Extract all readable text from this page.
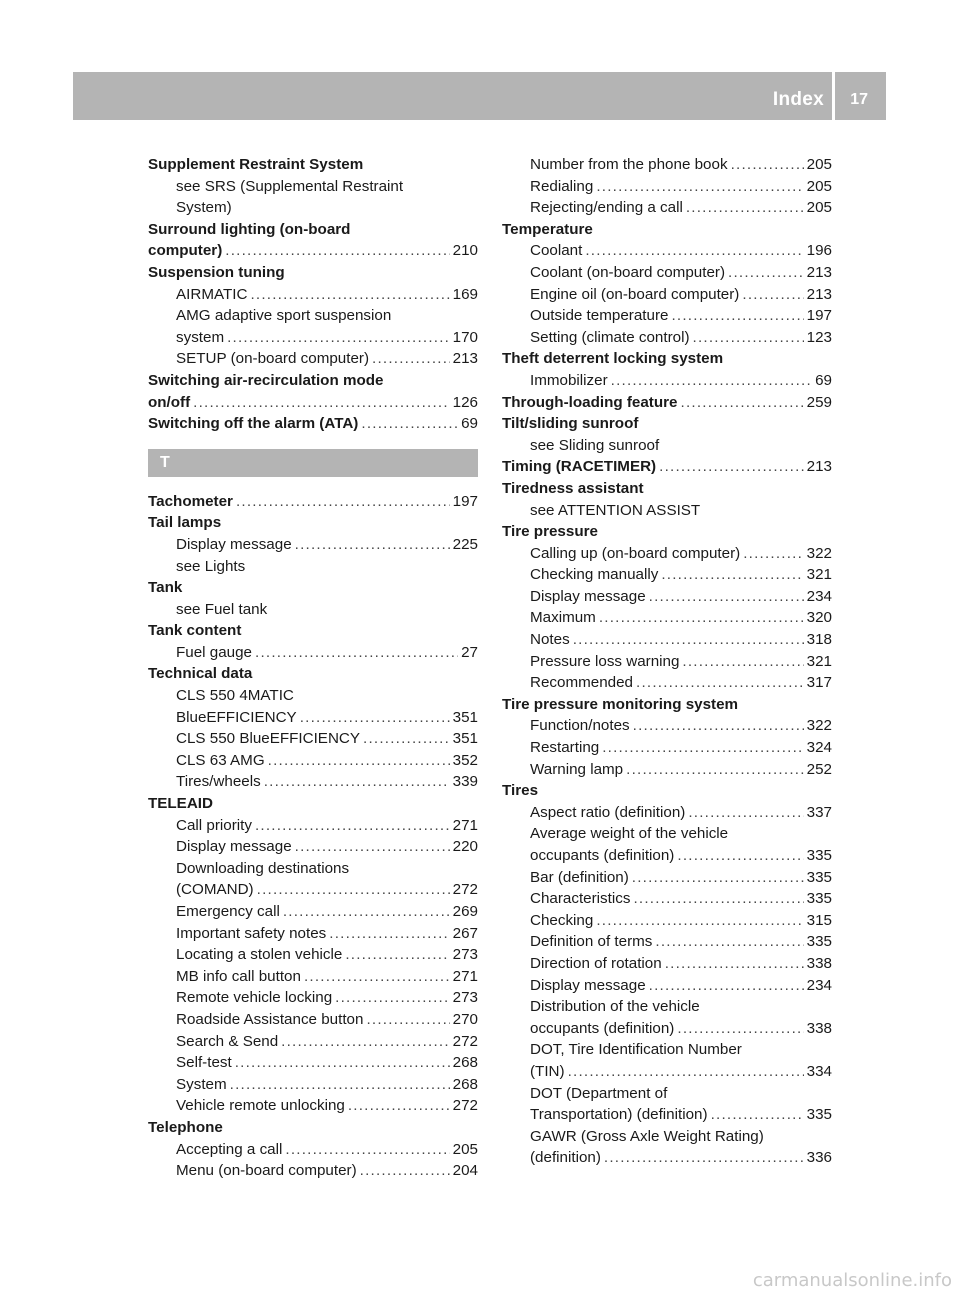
Index 17
Supplement Restraint System
see SRS (Supplemental Restraint
System)
Surround lighting (on-board
computer) . . .	210
Suspension tuning
AIRMATIC . . .	169
AMG adaptive sport suspension
system . . .	170
SETUP (on-board computer) . . .	213
Switching air-recirculation mode
on/off . . .	126
Switching off the alarm (ATA) . . .	69
T
Tachometer . . .	197
Tail lamps
Display message . . .	225
see Lights
Tank
see Fuel tank
Tank content
Fuel gauge . . .	27
Technical data
CLS 550 4MATIC
BlueEFFICIENCY . . .	351
CLS 550 BlueEFFICIENCY . . .	351
CLS 63 AMG . . .	352
Tires/wheels . . .	339
TELEAID
Call priority . . .	271
Display message . . .	220
Downloading destinations
(COMAND) . . .	272
Emergency call . . .	269
Important safety notes . . .	267
Locating a stolen vehicle . . .	273
MB info call button . . .	271
Remote vehicle locking . . .	273
Roadside Assistance button . . .	270
Search & Send . . .	272
Self-test . . .	268
System . . .	268
Vehicle remote unlocking . . .	272
Telephone
Accepting a call . . .	205
Menu (on-board computer) . . .	204
Number from the phone book . . .	205
Redialing . . .	205
Rejecting/ending a call . . .	205
Temperature
Coolant . . .	196
Coolant (on-board computer) . . .	213
Engine oil (on-board computer) . . .	213
Outside temperature . . .	197
Setting (climate control) . . .	123
Theft deterrent locking system
Immobilizer . . .	69
Through-loading feature . . .	259
Tilt/sliding sunroof
see Sliding sunroof
Timing (RACETIMER) . . .	213
Tiredness assistant
see ATTENTION ASSIST
Tire pressure
Calling up (on-board computer) . . .	322
Checking manually . . .	321
Display message . . .	234
Maximum . . .	320
Notes . . .	318
Pressure loss warning . . .	321
Recommended . . .	317
Tire pressure monitoring system
Function/notes . . .	322
Restarting . . .	324
Warning lamp . . .	252
Tires
Aspect ratio (definition) . . .	337
Average weight of the vehicle
occupants (definition) . . .	335
Bar (definition) . . .	335
Characteristics . . .	335
Checking . . .	315
Definition of terms . . .	335
Direction of rotation . . .	338
Display message . . .	234
Distribution of the vehicle
occupants (definition) . . .	338
DOT, Tire Identification Number
(TIN) . . .	334
DOT (Department of
Transportation) (definition) . . .	335
GAWR (Gross Axle Weight Rating)
(definition) . . .	336
carmanualsonline.info
